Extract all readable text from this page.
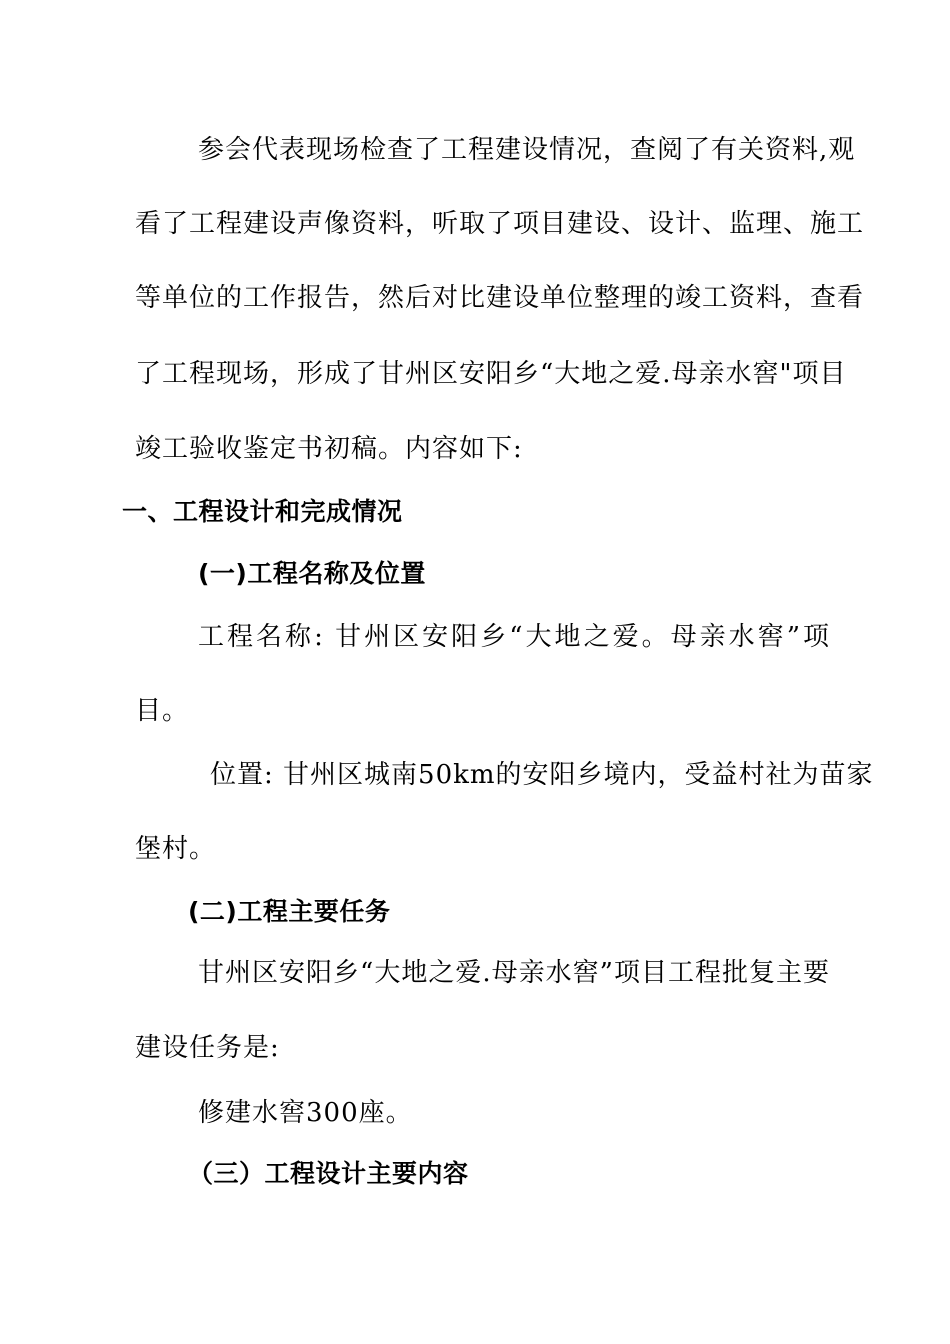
参会代表现场检查了工程建设情况，查阅了有关资料,观
看了工程建设声像资料，听取了项目建设、设计、监理、施工
等单位的工作报告，然后对比建设单位整理的竣工资料，查看
了工程现场，形成了甘州区安阳乡“大地之爱.母亲水窖"项目
竣工验收鉴定书初稿。内容如下:
一、工程设计和完成情况
(一)工程名称及位置
工程名称: 甘州区安阳乡“大地之爱。母亲水窖”项
目。
位置: 甘州区城南50km的安阳乡境内，受益村社为苗家
堡村。
(二)工程主要任务
甘州区安阳乡“大地之爱.母亲水窖”项目工程批复主要
建设任务是:
修建水窖300座。
（三）工程设计主要内容
